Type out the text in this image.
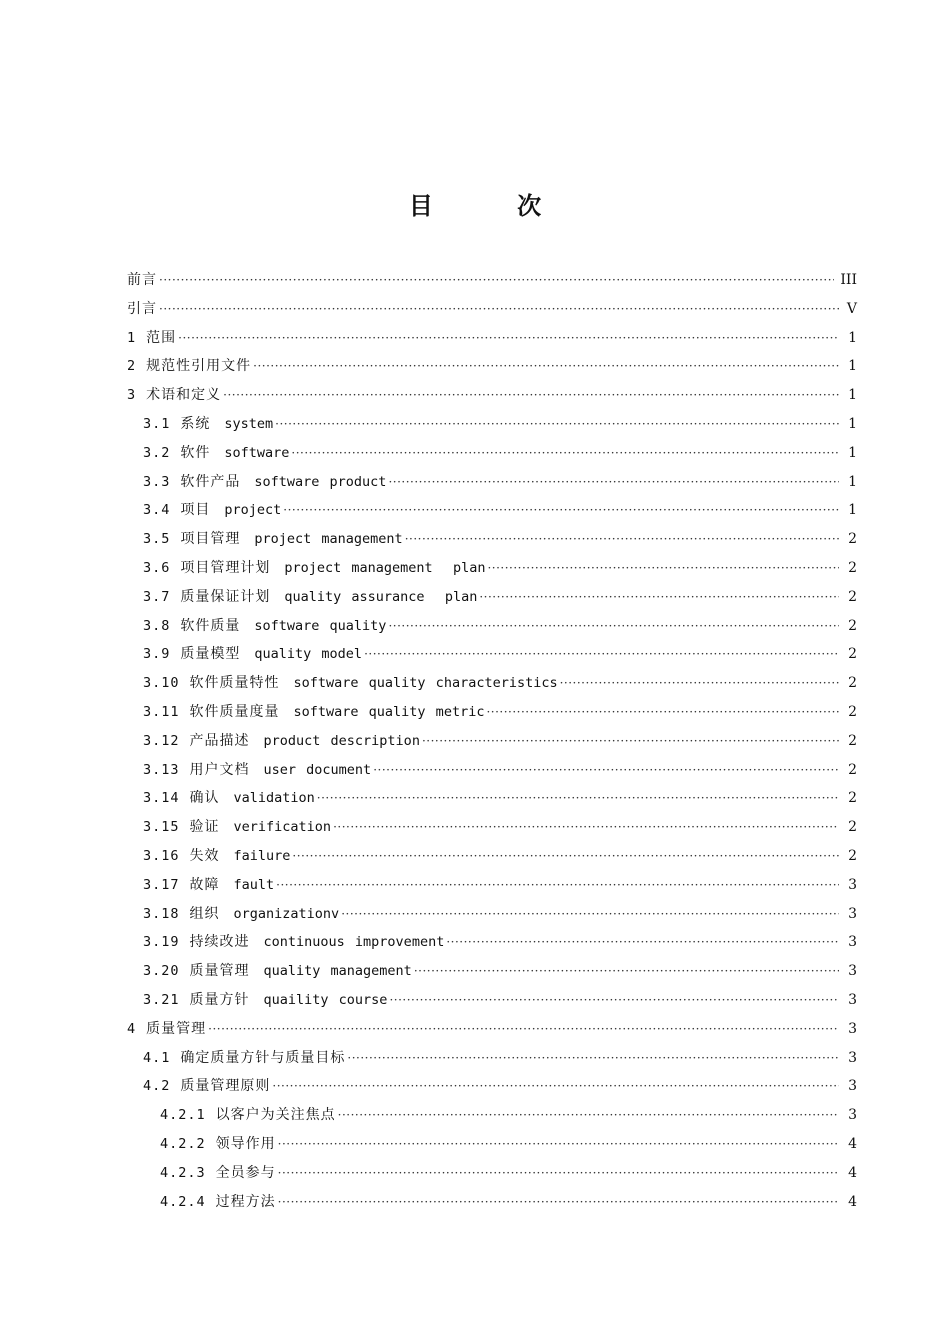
目 次
前言 ·····	III
引言 ·····	V
1 范围 ·····	1
2 规范性引用文件 ·····	1
3 术语和定义 ·····	1
3.1 系统 system ·····	1
3.2 软件 software ·····	1
3.3 软件产品 software product ·····	1
3.4 项目 project ·····	1
3.5 项目管理 project management ·····	2
3.6 项目管理计划 project management  plan ·····	2
3.7 质量保证计划 quality assurance  plan ·····	2
3.8 软件质量 software quality ·····	2
3.9 质量模型 quality model ·····	2
3.10 软件质量特性 software quality characteristics ·····	2
3.11 软件质量度量 software quality metric ·····	2
3.12 产品描述 product description ·····	2
3.13 用户文档 user document ·····	2
3.14 确认 validation ·····	2
3.15 验证 verification ·····	2
3.16 失效 failure ·····	2
3.17 故障 fault ·····	3
3.18 组织 organizationv ·····	3
3.19 持续改进 continuous improvement ·····	3
3.20 质量管理 quality management ·····	3
3.21 质量方针 quaility course ·····	3
4 质量管理 ·····	3
4.1 确定质量方针与质量目标 ·····	3
4.2 质量管理原则 ·····	3
4.2.1 以客户为关注焦点 ·····	3
4.2.2 领导作用 ·····	4
4.2.3 全员参与 ·····	4
4.2.4 过程方法 ·····	4
